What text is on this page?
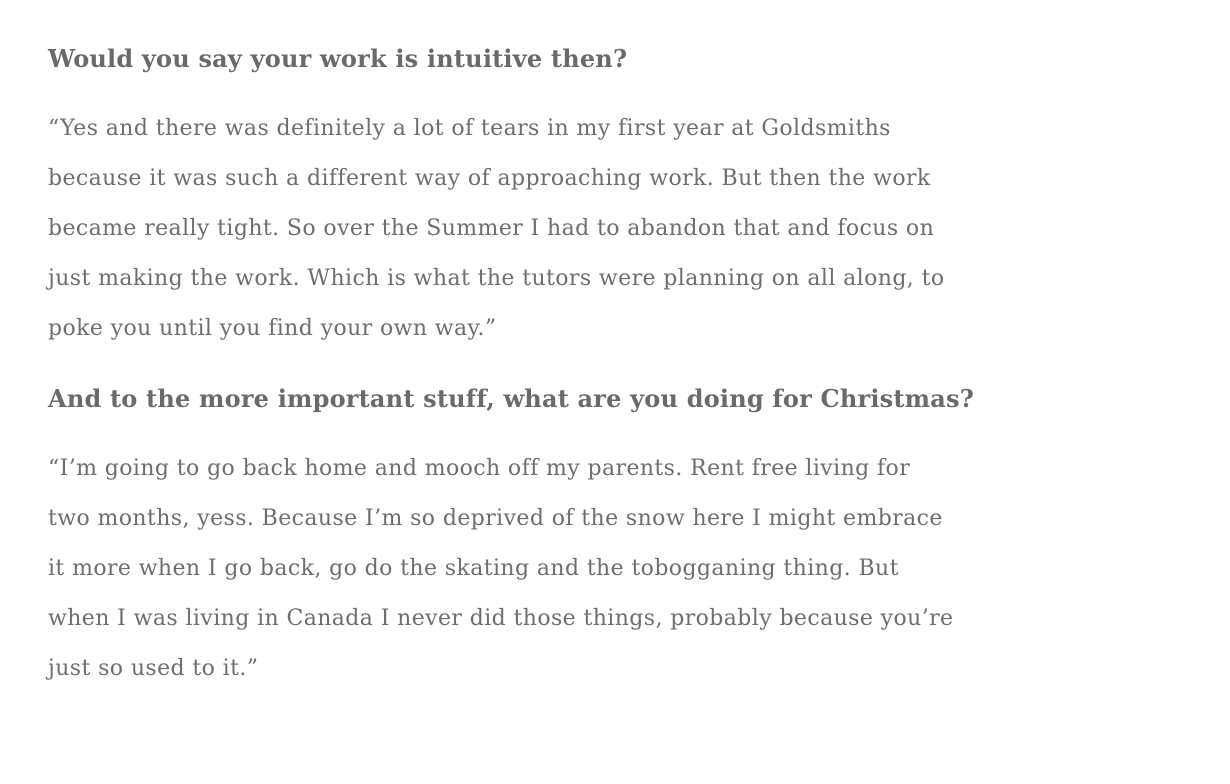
Would you say your work is intuitive then?

“Yes and there was definitely a lot of tears in my first year at Goldsmiths
because it was such a different way of approaching work. But then the work
became really tight. So over the Summer I had to abandon that and focus on
just making the work. Which is what the tutors were planning on all along, to
poke you until you find your own way.”

And to the more important stuff, what are you doing for Christmas?

“I’m going to go back home and mooch off my parents. Rent free living for
two months, yess. Because I’m so deprived of the snow here I might embrace
it more when I go back, go do the skating and the tobogganing thing. But
when I was living in Canada I never did those things, probably because you’re
just so used to it.”
